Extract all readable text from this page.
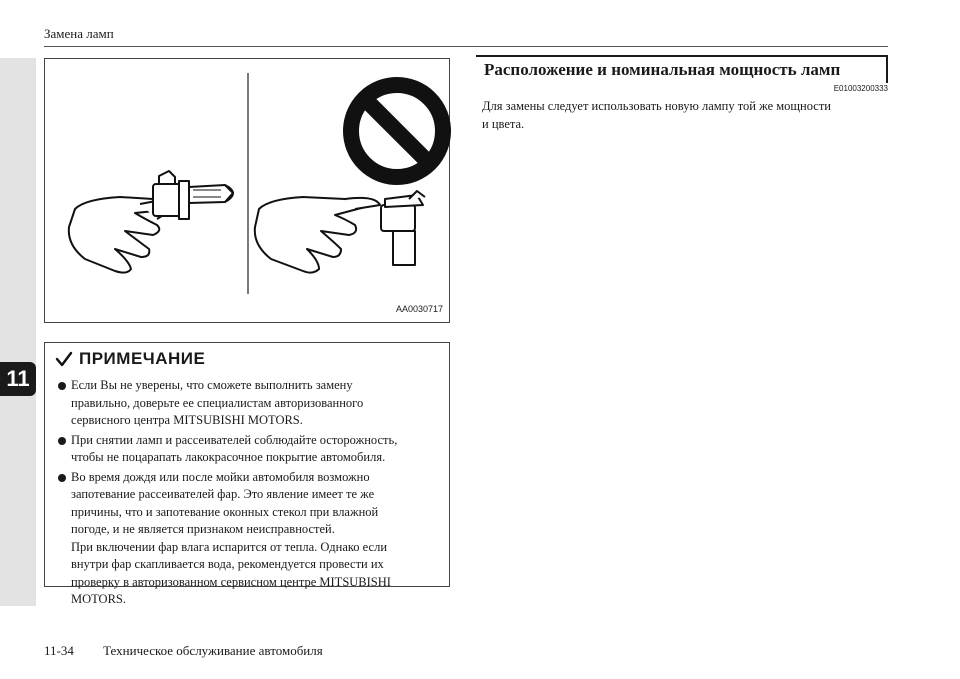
11
Замена ламп
AA0030717
ПРИМЕЧАНИЕ
Если Вы не уверены, что сможете выполнить замену
правильно, доверьте ее специалистам авторизованного
сервисного центра MITSUBISHI MOTORS.
При снятии ламп и рассеивателей соблюдайте осторожность,
чтобы не поцарапать лакокрасочное покрытие автомобиля.
Во время дождя или после мойки автомобиля возможно
запотевание рассеивателей фар. Это явление имеет те же
причины, что и запотевание оконных стекол при влажной
погоде, и не является признаком неисправностей.
При включении фар влага испарится от тепла. Однако если
внутри фар скапливается вода, рекомендуется провести их
проверку в авторизованном сервисном центре MITSUBISHI
MOTORS.
Расположение и номинальная мощность ламп
E01003200333
Для замены следует использовать новую лампу той же мощности
и цвета.
11-34 Техническое обслуживание автомобиля
